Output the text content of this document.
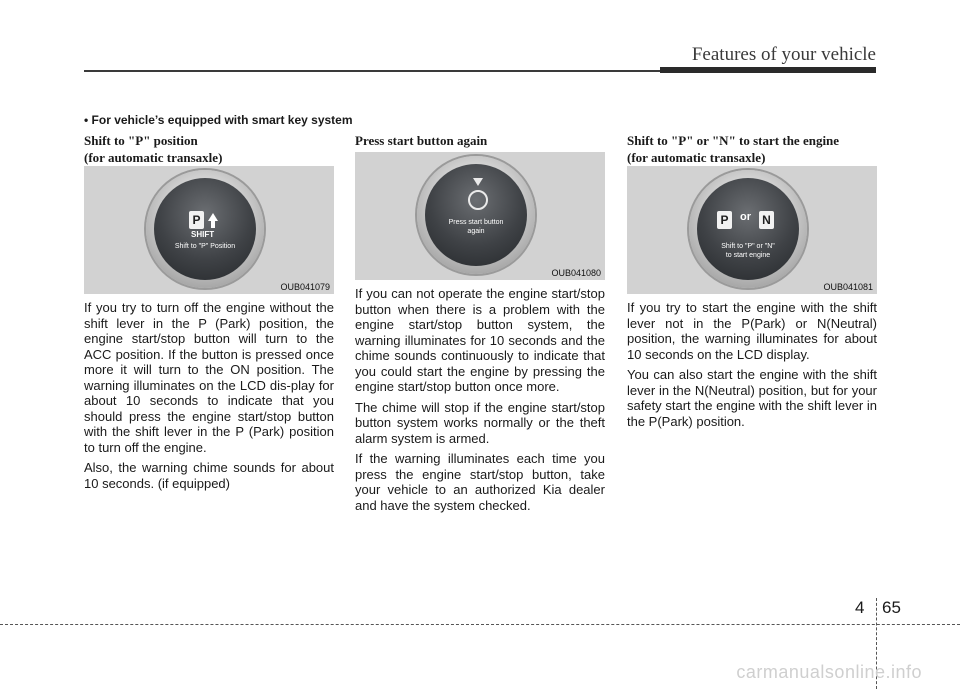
Features of your vehicle
• For vehicle’s equipped with smart key system
Shift to "P" position
(for automatic transaxle)
P
SHIFT
Shift to "P" Position
OUB041079

If you try to turn off the engine without the shift lever in the P (Park) position, the engine start/stop button will turn to the ACC position. If the button is pressed once more it will turn to the ON position. The warning illuminates on the LCD dis-play for about 10 seconds to indicate that you should press the engine start/stop button with the shift lever in the P (Park) position to turn off the engine.

Also, the warning chime sounds for about 10 seconds. (if equipped)

Press start button again
Press start button
again
OUB041080

If you can not operate the engine start/stop button when there is a problem with the engine start/stop button system, the warning illuminates for 10 seconds and the chime sounds continuously to indicate that you could start the engine by pressing the engine start/stop button once more.

The chime will stop if the engine start/stop button system works normally or the theft alarm system is armed.

If the warning illuminates each time you press the engine start/stop button, take your vehicle to an authorized Kia dealer and have the system checked.

Shift to "P" or "N" to start the engine
(for automatic transaxle)
P	or N
Shift to "P" or "N"
to start engine
OUB041081

If you try to start the engine with the shift lever not in the P(Park) or N(Neutral) position, the warning illuminates for about 10 seconds on the LCD display.

You can also start the engine with the shift lever in the N(Neutral) position, but for your safety start the engine with the shift lever in the P(Park) position.

4 65
carmanualsonline.info
